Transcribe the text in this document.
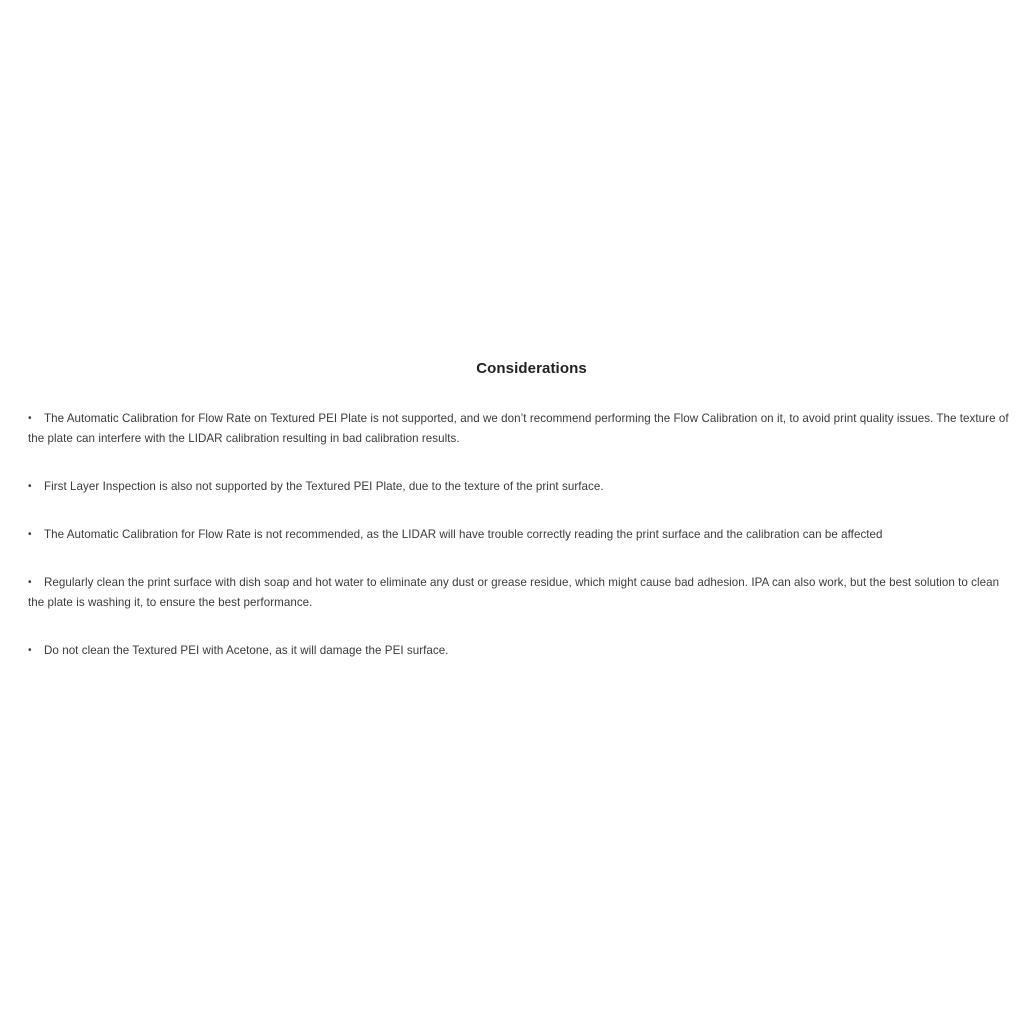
Considerations
• The Automatic Calibration for Flow Rate on Textured PEI Plate is not supported, and we don’t recommend performing the Flow Calibration on it, to avoid print quality issues. The texture of the plate can interfere with the LIDAR calibration resulting in bad calibration results.
• First Layer Inspection is also not supported by the Textured PEI Plate, due to the texture of the print surface.
• The Automatic Calibration for Flow Rate is not recommended, as the LIDAR will have trouble correctly reading the print surface and the calibration can be affected
• Regularly clean the print surface with dish soap and hot water to eliminate any dust or grease residue, which might cause bad adhesion. IPA can also work, but the best solution to clean the plate is washing it, to ensure the best performance.
• Do not clean the Textured PEI with Acetone, as it will damage the PEI surface.
